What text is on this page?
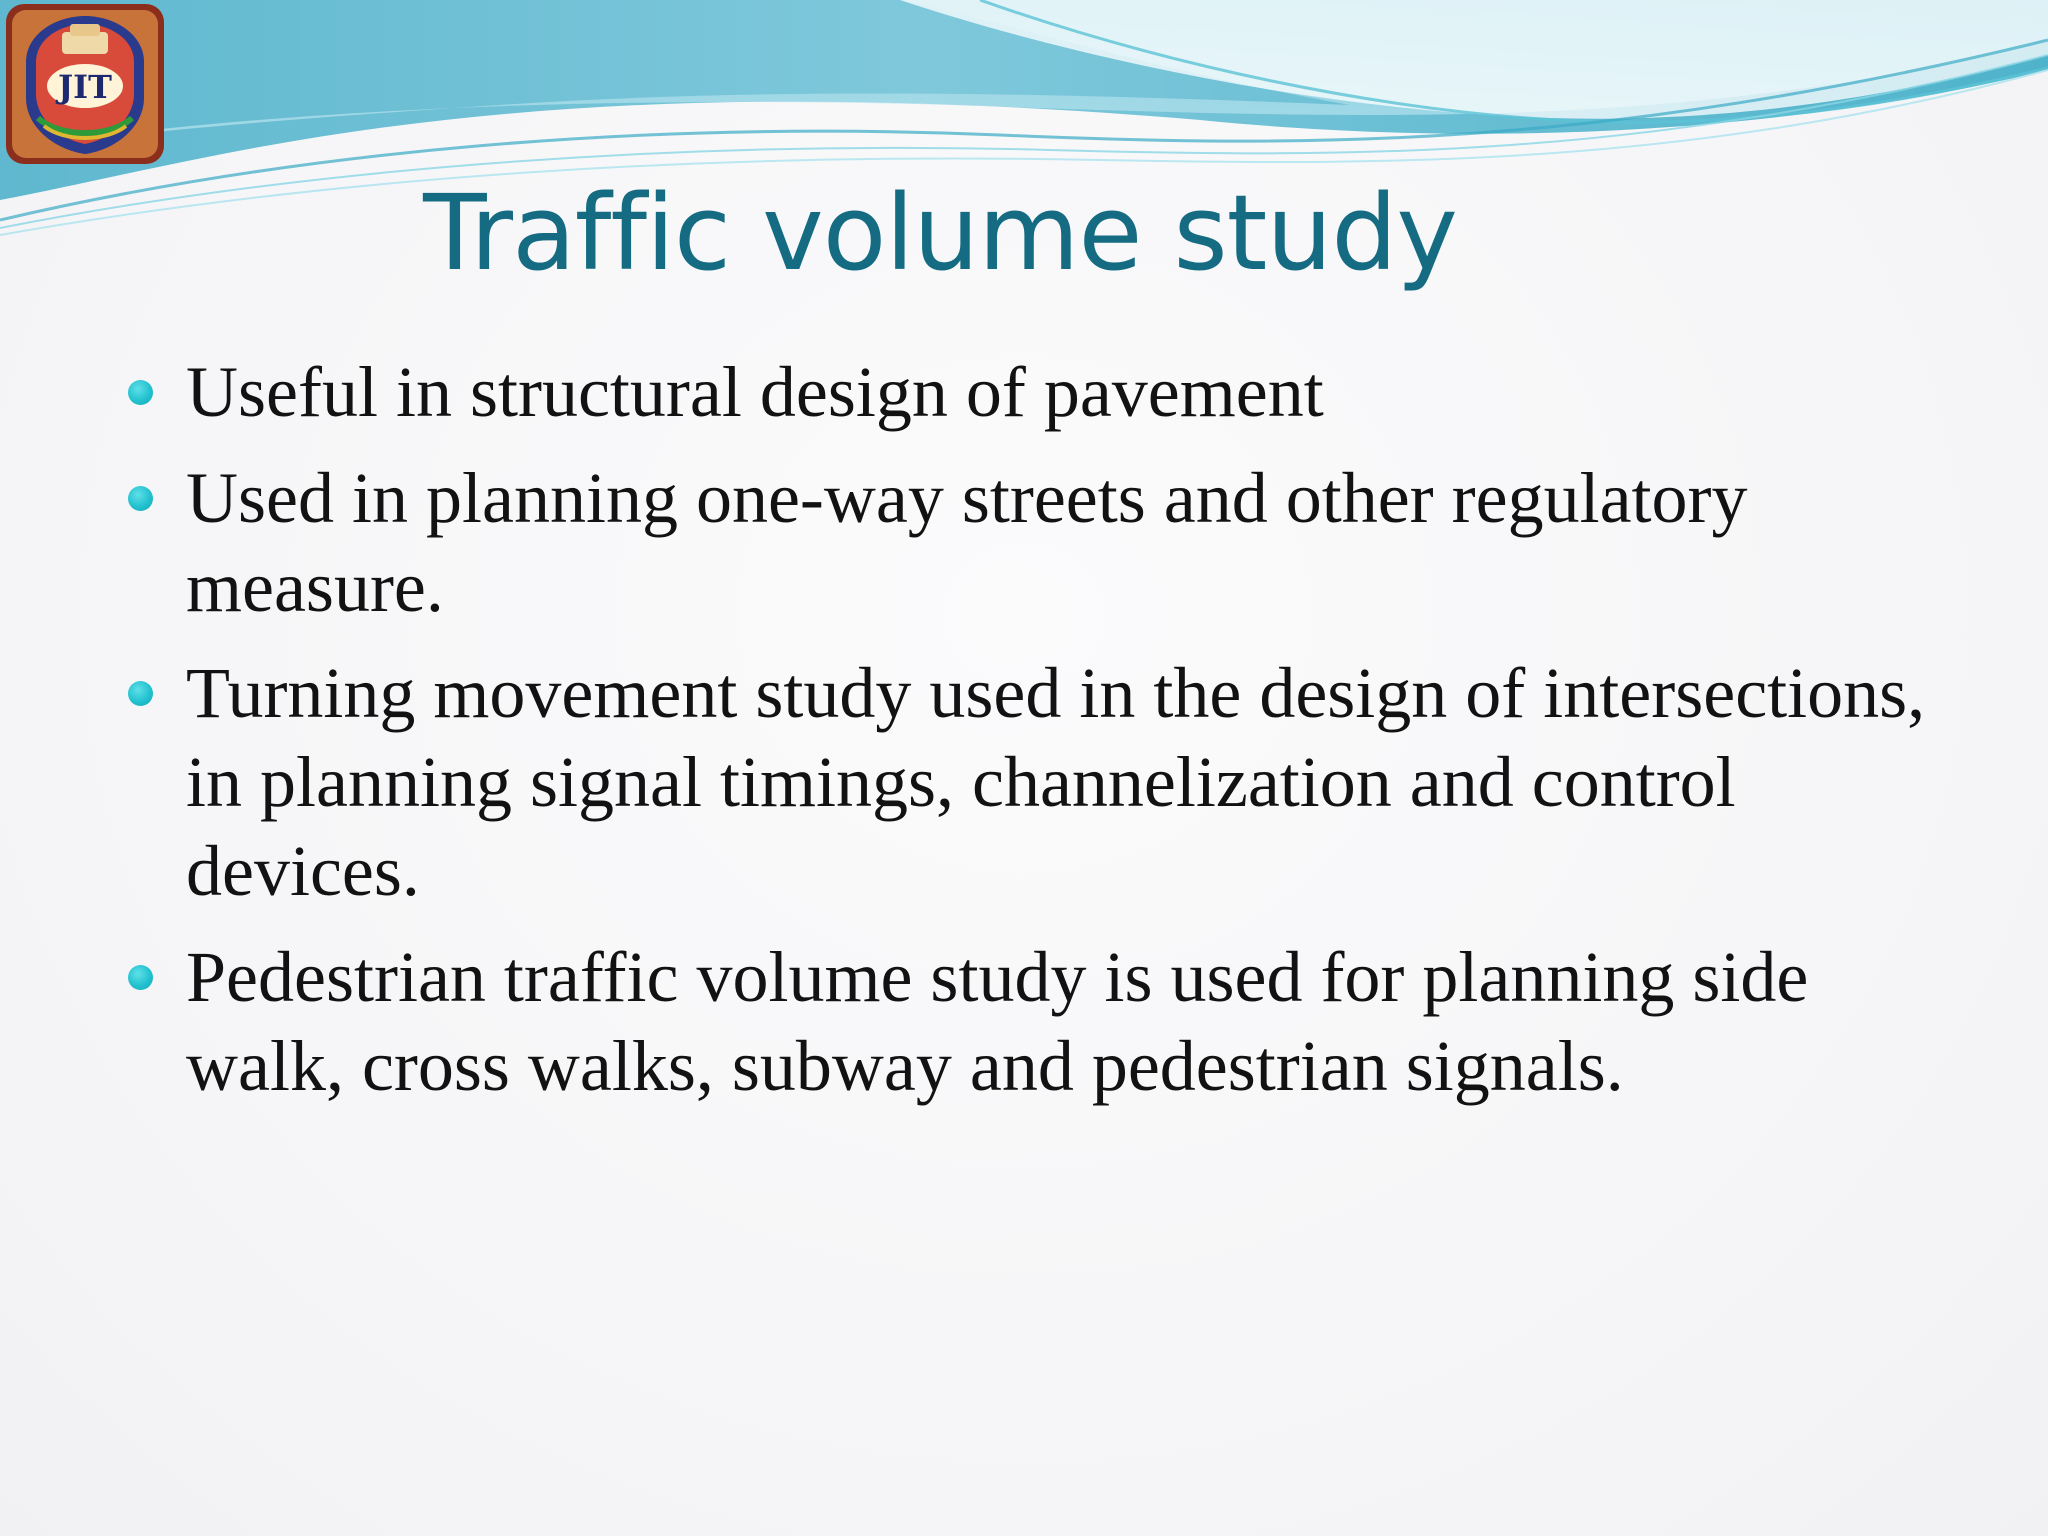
JIT
Traffic volume study
Useful in structural design of pavement
Used in planning one-way streets and other regulatory measure.
Turning movement study used in the design of intersections, in planning signal timings, channelization and control devices.
Pedestrian traffic volume study is used for planning side walk, cross walks, subway and pedestrian signals.
